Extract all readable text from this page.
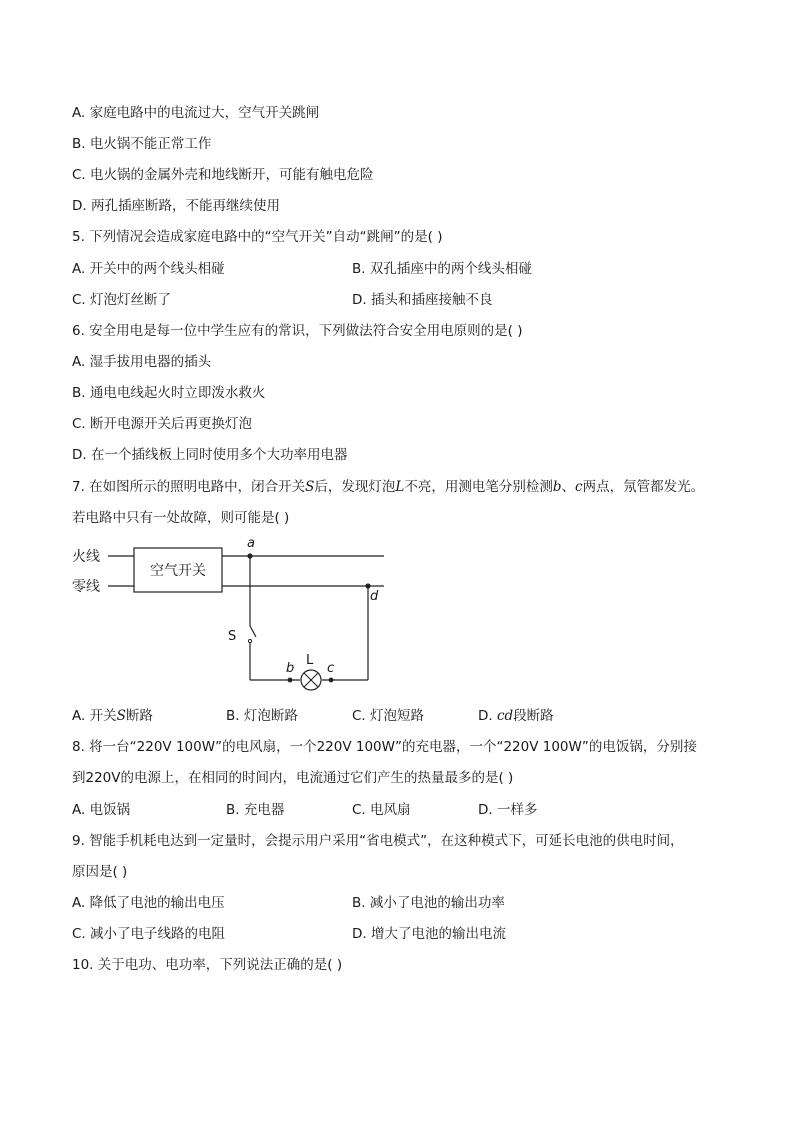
A. 家庭电路中的电流过大，空气开关跳闸
B. 电火锅不能正常工作
C. 电火锅的金属外壳和地线断开，可能有触电危险
D. 两孔插座断路，不能再继续使用
5. 下列情况会造成家庭电路中的“空气开关”自动“跳闸”的是( )
A. 开关中的两个线头相碰	B. 双孔插座中的两个线头相碰
C. 灯泡灯丝断了	D. 插头和插座接触不良
6. 安全用电是每一位中学生应有的常识，下列做法符合安全用电原则的是( )
A. 湿手拔用电器的插头
B. 通电电线起火时立即泼水救火
C. 断开电源开关后再更换灯泡
D. 在一个插线板上同时使用多个大功率用电器
7. 在如图所示的照明电路中，闭合开关S后，发现灯泡L不亮，用测电笔分别检测b、c两点，氖管都发光。
若电路中只有一处故障，则可能是( )
火线
零线
空气开关
a
d
S
b	c
L
A. 开关S断路	B. 灯泡断路	C. 灯泡短路	D. cd段断路
8. 将一台“220V 100W”的电风扇，一个220V 100W”的充电器，一个“220V 100W”的电饭锅，分别接
到220V的电源上，在相同的时间内，电流通过它们产生的热量最多的是( )
A. 电饭锅	B. 充电器	C. 电风扇	D. 一样多
9. 智能手机耗电达到一定量时，会提示用户采用“省电模式”，在这种模式下，可延长电池的供电时间，
原因是( )
A. 降低了电池的输出电压	B. 减小了电池的输出功率
C. 减小了电子线路的电阻	D. 增大了电池的输出电流
10. 关于电功、电功率，下列说法正确的是( )
